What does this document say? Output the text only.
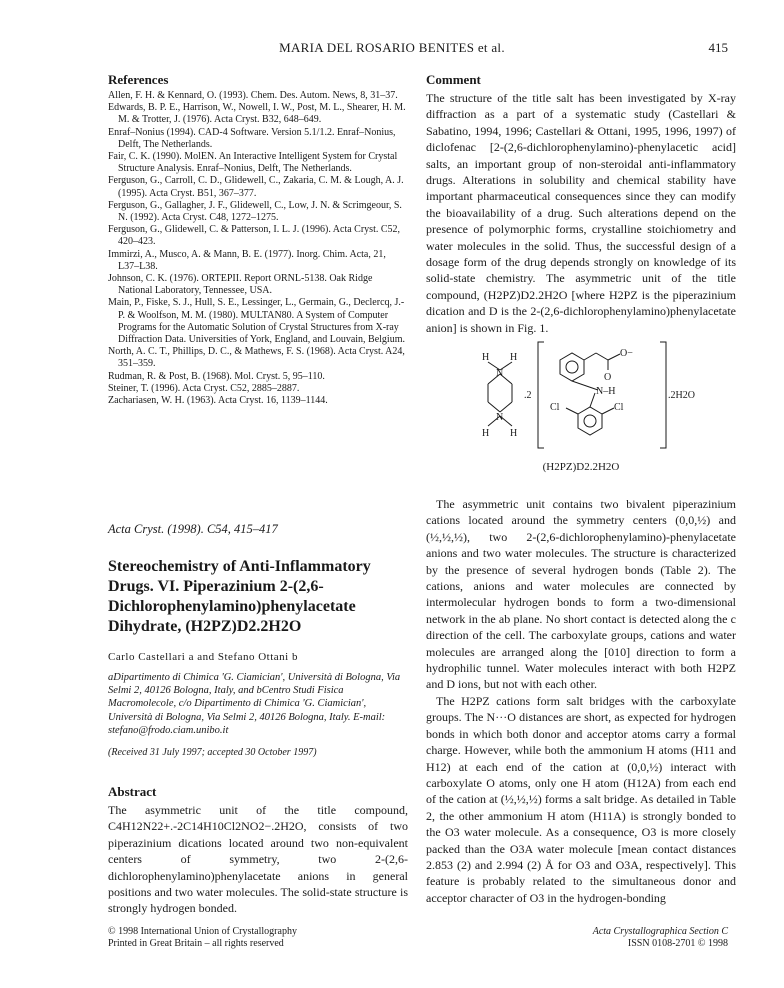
MARIA DEL ROSARIO BENITES et al.	415
References

Allen, F. H. & Kennard, O. (1993). Chem. Des. Autom. News, 8, 31–37.

Edwards, B. P. E., Harrison, W., Nowell, I. W., Post, M. L., Shearer, H. M. M. & Trotter, J. (1976). Acta Cryst. B32, 648–649.

Enraf–Nonius (1994). CAD-4 Software. Version 5.1/1.2. Enraf–Nonius, Delft, The Netherlands.

Fair, C. K. (1990). MolEN. An Interactive Intelligent System for Crystal Structure Analysis. Enraf–Nonius, Delft, The Netherlands.

Ferguson, G., Carroll, C. D., Glidewell, C., Zakaria, C. M. & Lough, A. J. (1995). Acta Cryst. B51, 367–377.

Ferguson, G., Gallagher, J. F., Glidewell, C., Low, J. N. & Scrimgeour, S. N. (1992). Acta Cryst. C48, 1272–1275.

Ferguson, G., Glidewell, C. & Patterson, I. L. J. (1996). Acta Cryst. C52, 420–423.

Immirzi, A., Musco, A. & Mann, B. E. (1977). Inorg. Chim. Acta, 21, L37–L38.

Johnson, C. K. (1976). ORTEPII. Report ORNL-5138. Oak Ridge National Laboratory, Tennessee, USA.

Main, P., Fiske, S. J., Hull, S. E., Lessinger, L., Germain, G., Declercq, J.-P. & Woolfson, M. M. (1980). MULTAN80. A System of Computer Programs for the Automatic Solution of Crystal Structures from X-ray Diffraction Data. Universities of York, England, and Louvain, Belgium.

North, A. C. T., Phillips, D. C., & Mathews, F. S. (1968). Acta Cryst. A24, 351–359.

Rudman, R. & Post, B. (1968). Mol. Cryst. 5, 95–110.

Steiner, T. (1996). Acta Cryst. C52, 2885–2887.

Zachariasen, W. H. (1963). Acta Cryst. 16, 1139–1144.

Acta Cryst. (1998). C54, 415–417
Stereochemistry of Anti-Inflammatory Drugs. VI. Piperazinium 2-(2,6-Dichlorophenylamino)phenylacetate Dihydrate, (H2PZ)D2.2H2O
Carlo Castellari a and Stefano Ottani b
aDipartimento di Chimica 'G. Ciamician', Università di Bologna, Via Selmi 2, 40126 Bologna, Italy, and bCentro Studi Fisica Macromolecole, c/o Dipartimento di Chimica 'G. Ciamician', Università di Bologna, Via Selmi 2, 40126 Bologna, Italy. E-mail: stefano@frodo.ciam.unibo.it
(Received 31 July 1997; accepted 30 October 1997)
Abstract

The asymmetric unit of the title compound, C4H12N22+.-2C14H10Cl2NO2−.2H2O, consists of two piperazinium dications located around two non-equivalent centers of symmetry, two 2-(2,6-dichlorophenylamino)phenylacetate anions in general positions and two water molecules. The solid-state structure is strongly hydrogen bonded.

Comment

The structure of the title salt has been investigated by X-ray diffraction as a part of a systematic study (Castellari & Sabatino, 1994, 1996; Castellari & Ottani, 1995, 1996, 1997) of diclofenac [2-(2,6-dichlorophenylamino)-phenylacetic acid] salts, an important group of non-steroidal anti-inflammatory drugs. Alterations in solubility and chemical stability have important pharmaceutical consequences since they can modify the bioavailability of a drug. Such alterations depend on the presence of polymorphic forms, crystalline stoichiometry and water molecules in the solid. Thus, the successful design of a dosage form of the drug depends strongly on knowledge of its solid-state chemistry. The asymmetric unit of the title compound, (H2PZ)D2.2H2O [where H2PZ is the piperazinium dication and D is the 2-(2,6-dichlorophenylamino)phenylacetate anion] is shown in Fig. 1.

H H
N
N
H H
.2
O−
O
N–H
Cl	Cl
.2H2O
(H2PZ)D2.2H2O

The asymmetric unit contains two bivalent piperazinium cations located around the symmetry centers (0,0,½) and (½,½,½), two 2-(2,6-dichlorophenylamino)-phenylacetate anions and two water molecules. The structure is characterized by the presence of several hydrogen bonds (Table 2). The cations, anions and water molecules are connected by intermolecular hydrogen bonds to form a two-dimensional network in the ab plane. No short contact is detected along the c direction of the cell. The carboxylate groups, cations and water molecules are arranged along the [010] direction to form a hydrophilic tunnel. Water molecules interact with both H2PZ and D ions, but not with each other.

The H2PZ cations form salt bridges with the carboxylate groups. The N···O distances are short, as expected for hydrogen bonds in which both donor and acceptor atoms carry a formal charge. However, while both the ammonium H atoms (H11 and H12) at each end of the cation at (0,0,½) interact with carboxylate O atoms, only one H atom (H12A) from each end of the cation at (½,½,½) forms a salt bridge. As detailed in Table 2, the other ammonium H atom (H11A) is strongly bonded to the O3 water molecule. As a consequence, O3 is more closely packed than the O3A water molecule [mean contact distances 2.853 (2) and 2.994 (2) Å for O3 and O3A, respectively]. This feature is probably related to the simultaneous donor and acceptor character of O3 in the hydrogen-bonding

© 1998 International Union of Crystallography
Printed in Great Britain – all rights reserved
Acta Crystallographica Section C
ISSN 0108-2701 © 1998
